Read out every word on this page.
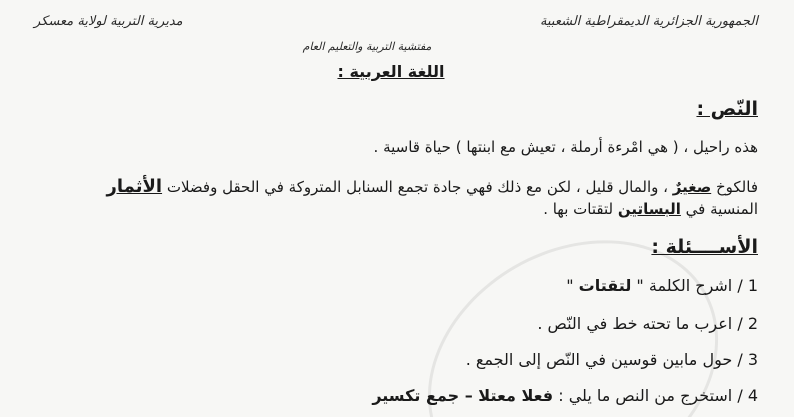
الجمهورية الجزائرية الديمقراطية الشعبية
مديرية التربية لولاية معسكر
مفتشية التربية والتعليم العام
اللغة العربية :
النّص :
هذه راحيل ، ( هي امْرءة أرملة ، تعيش مع ابنتها ) حياة قاسية .
فالكوخ صغيرٌ ، والمال قليل ، لكن مع ذلك فهي جادة تجمع السنابل المتروكة في الحقل وفضلات الأثمار
المنسية في البساتين لتقتات بها .
الأســــئلة :
1 / اشرح الكلمة " لتقتات "
2 / اعرب ما تحته خط في النّص .
3 / حول مابين قوسين في النّص إلى الجمع .
4 / استخرج من النص ما يلي : فعلا معتلا – جمع تكسير
